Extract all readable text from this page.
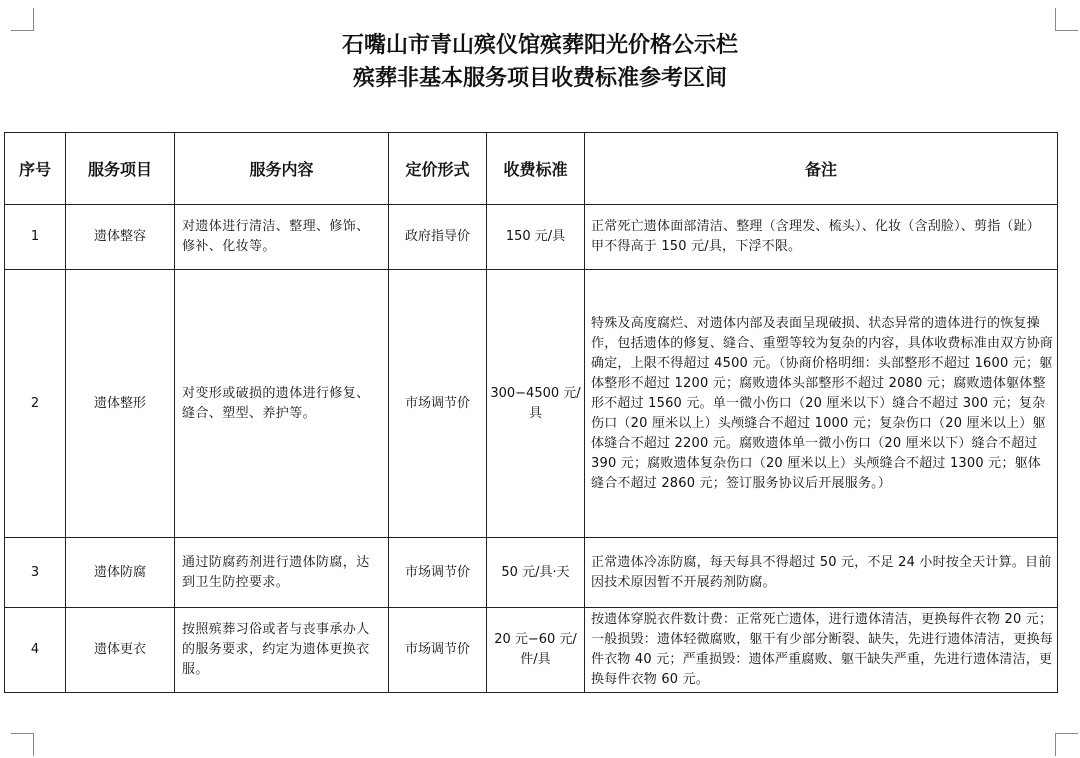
石嘴山市青山殡仪馆殡葬阳光价格公示栏
殡葬非基本服务项目收费标准参考区间
序号	服务项目	服务内容	定价形式	收费标准	备注
1	遗体整容	对遗体进行清洁、整理、修饰、修补、化妆等。	政府指导价	150 元/具	正常死亡遗体面部清洁、整理（含理发、梳头）、化妆（含刮脸）、剪指（趾）甲不得高于 150 元/具，下浮不限。
2	遗体整形	对变形或破损的遗体进行修复、缝合、塑型、养护等。	市场调节价	300−4500 元/具	特殊及高度腐烂、对遗体内部及表面呈现破损、状态异常的遗体进行的恢复操作，包括遗体的修复、缝合、重塑等较为复杂的内容，具体收费标准由双方协商确定，上限不得超过 4500 元。（协商价格明细：头部整形不超过 1600 元；躯体整形不超过 1200 元；腐败遗体头部整形不超过 2080 元；腐败遗体躯体整形不超过 1560 元。单一微小伤口（20 厘米以下）缝合不超过 300 元；复杂伤口（20 厘米以上）头颅缝合不超过 1000 元；复杂伤口（20 厘米以上）躯体缝合不超过 2200 元。腐败遗体单一微小伤口（20 厘米以下）缝合不超过 390 元；腐败遗体复杂伤口（20 厘米以上）头颅缝合不超过 1300 元；躯体缝合不超过 2860 元；签订服务协议后开展服务。）
3	遗体防腐	通过防腐药剂进行遗体防腐，达到卫生防控要求。	市场调节价	50 元/具·天	正常遗体冷冻防腐，每天每具不得超过 50 元，不足 24 小时按全天计算。目前因技术原因暂不开展药剂防腐。
4	遗体更衣	按照殡葬习俗或者与丧事承办人的服务要求，约定为遗体更换衣服。	市场调节价	20 元−60 元/件/具	按遗体穿脱衣件数计费：正常死亡遗体，进行遗体清洁，更换每件衣物 20 元；一般损毁：遗体轻微腐败，躯干有少部分断裂、缺失，先进行遗体清洁，更换每件衣物 40 元；严重损毁：遗体严重腐败、躯干缺失严重，先进行遗体清洁，更换每件衣物 60 元。
